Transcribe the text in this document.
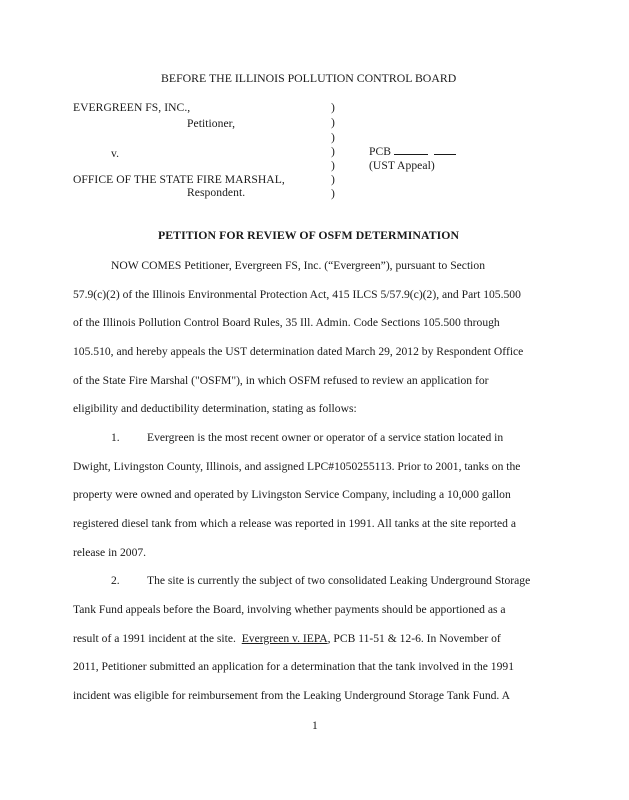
BEFORE THE ILLINOIS POLLUTION CONTROL BOARD
EVERGREEN FS, INC.,
Petitioner,
v.
OFFICE OF THE STATE FIRE MARSHAL,
Respondent.
)
)
)
)
)
)
)
PCB
(UST Appeal)
PETITION FOR REVIEW OF OSFM DETERMINATION
NOW COMES Petitioner, Evergreen FS, Inc. (“Evergreen”), pursuant to Section
57.9(c)(2) of the Illinois Environmental Protection Act, 415 ILCS 5/57.9(c)(2), and Part 105.500
of the Illinois Pollution Control Board Rules, 35 Ill. Admin. Code Sections 105.500 through
105.510, and hereby appeals the UST determination dated March 29, 2012 by Respondent Office
of the State Fire Marshal ("OSFM"), in which OSFM refused to review an application for
eligibility and deductibility determination, stating as follows:
1. Evergreen is the most recent owner or operator of a service station located in
Dwight, Livingston County, Illinois, and assigned LPC#1050255113. Prior to 2001, tanks on the
property were owned and operated by Livingston Service Company, including a 10,000 gallon
registered diesel tank from which a release was reported in 1991. All tanks at the site reported a
release in 2007.
2. The site is currently the subject of two consolidated Leaking Underground Storage
Tank Fund appeals before the Board, involving whether payments should be apportioned as a
result of a 1991 incident at the site. Evergreen v. IEPA, PCB 11-51 & 12-6. In November of
2011, Petitioner submitted an application for a determination that the tank involved in the 1991
incident was eligible for reimbursement from the Leaking Underground Storage Tank Fund. A
1
